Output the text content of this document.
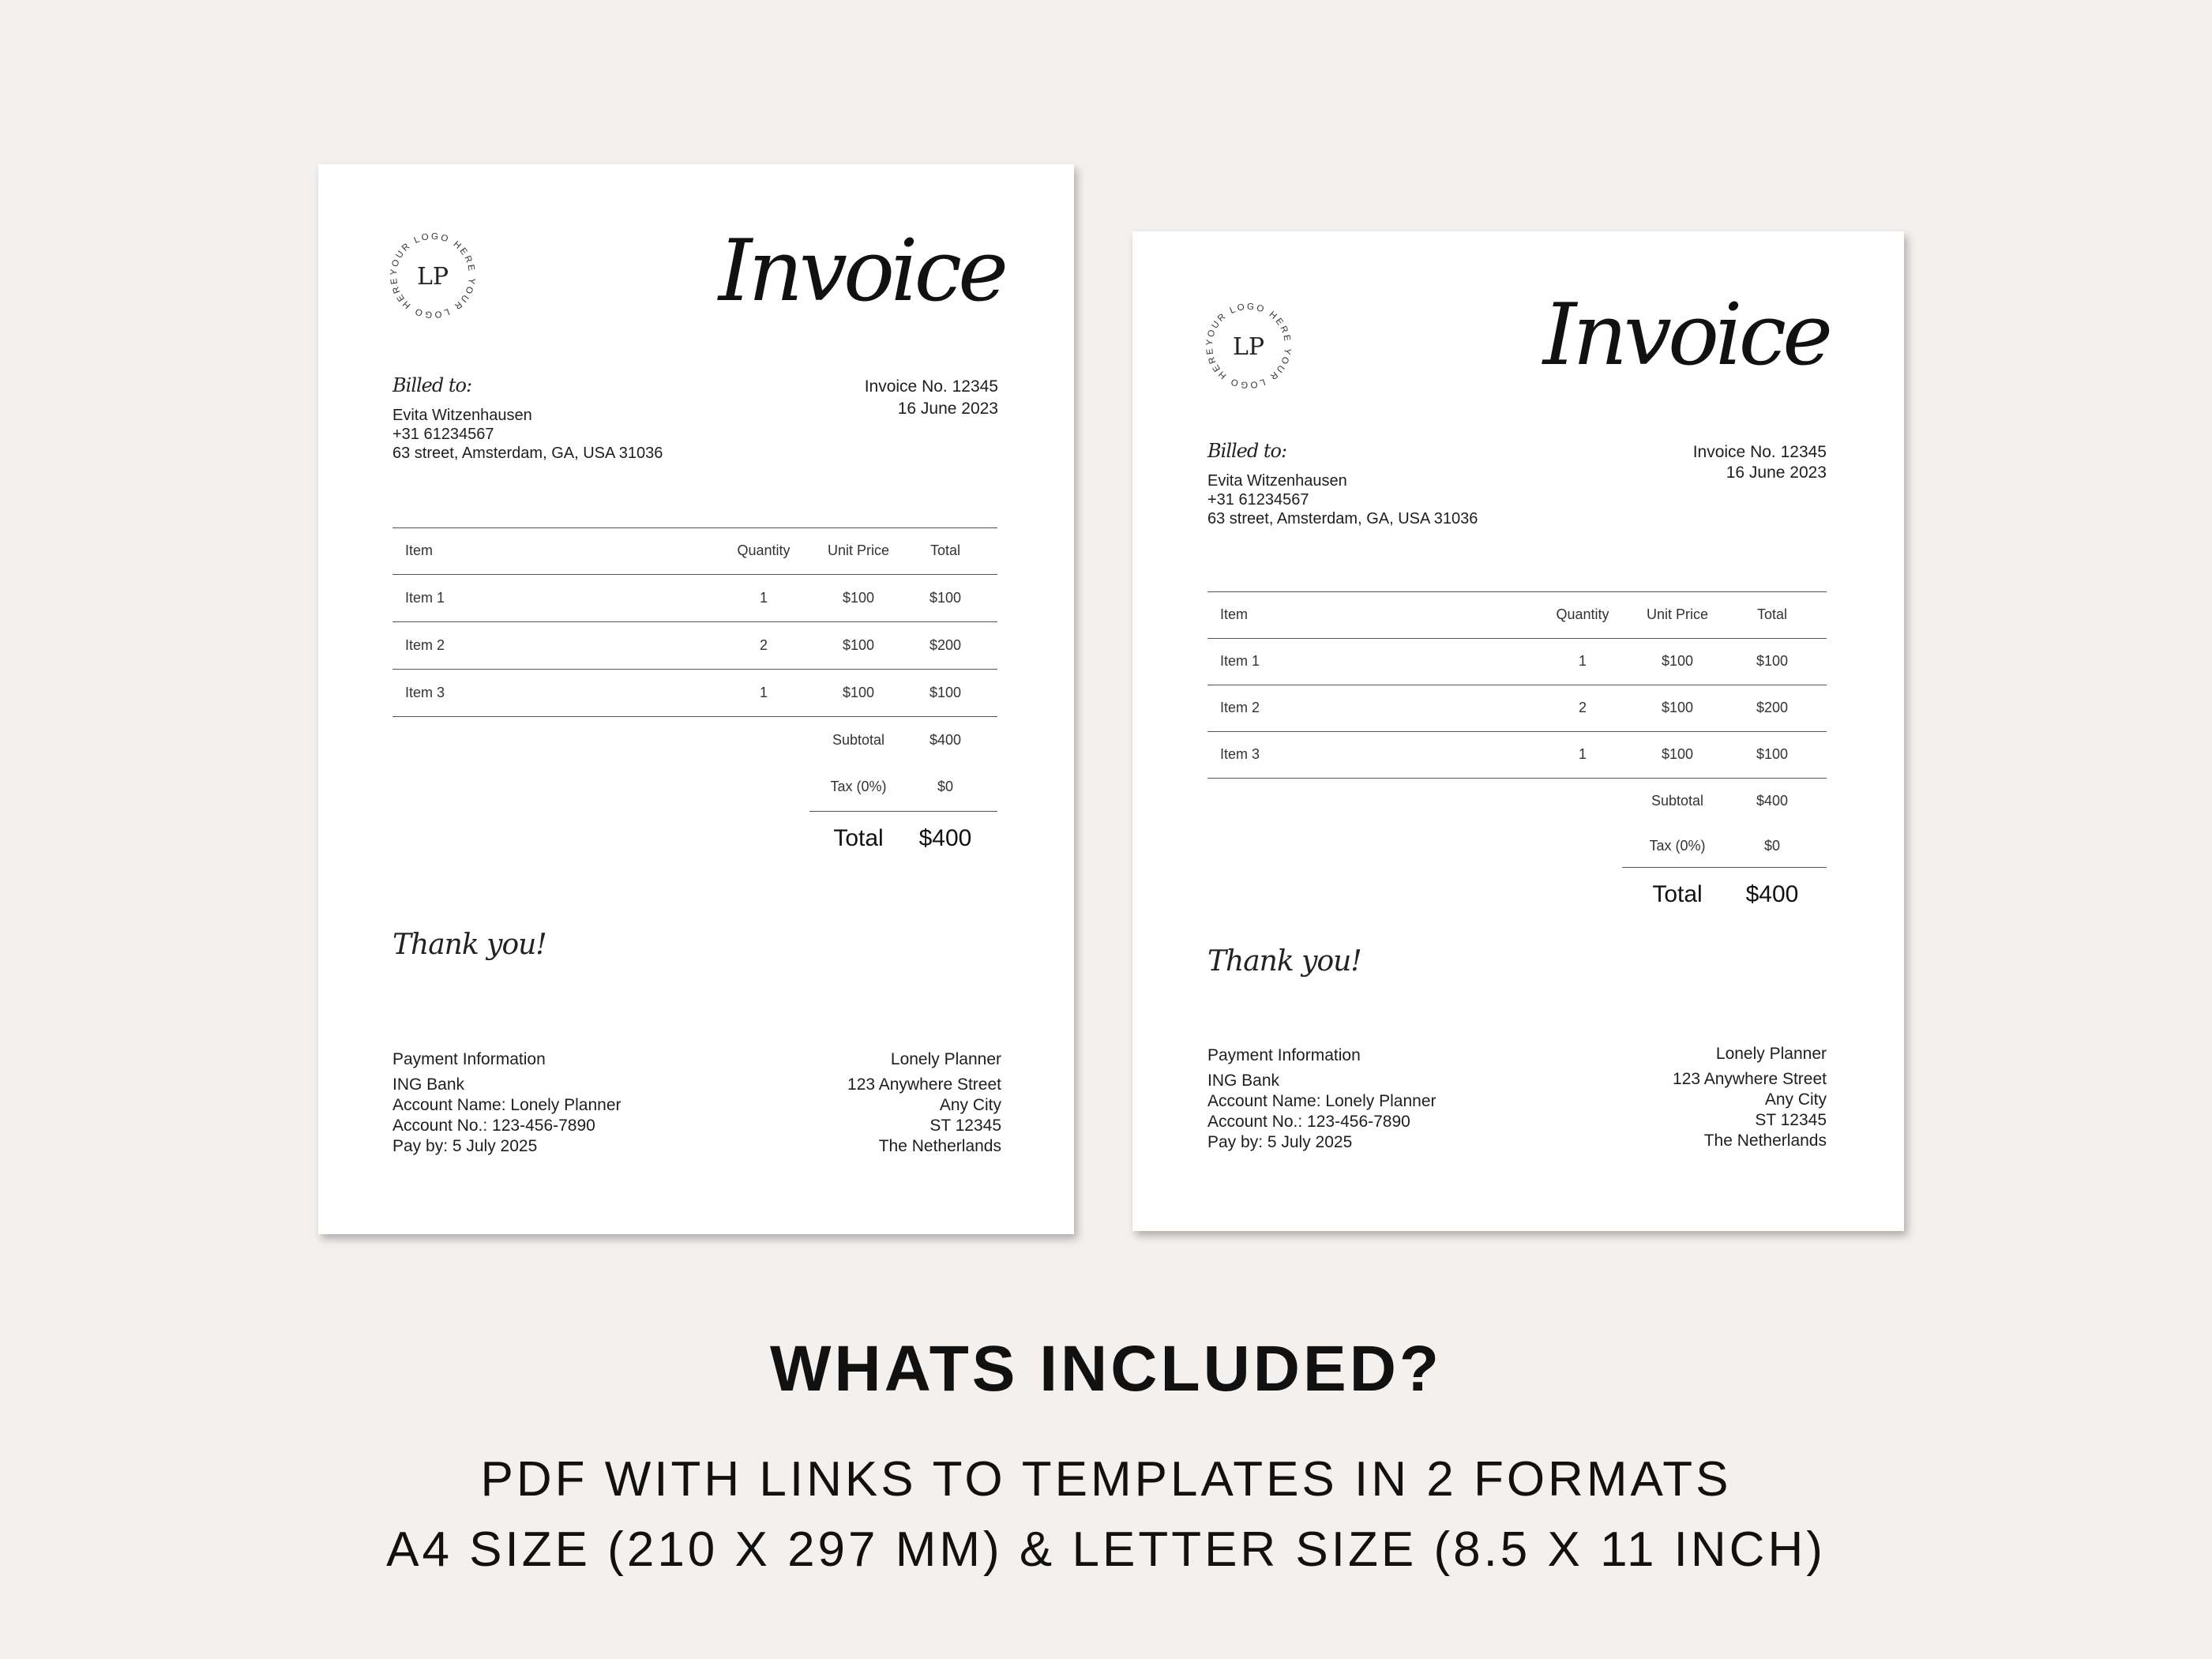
YOUR LOGO HERE YOUR LOGO HERE LP	Invoice
Billed to:
Evita Witzenhausen
+31 61234567
63 street, Amsterdam, GA, USA 31036
Invoice No. 12345
16 June 2023
Item	Quantity	Unit Price	Total
Item 1	1	$100	$100
Item 2	2	$100	$200
Item 3	1	$100	$100
Subtotal	$400
Tax (0%)	$0
Total	$400
Thank you!
Payment Information
ING Bank
Account Name: Lonely Planner
Account No.: 123-456-7890
Pay by: 5 July 2025
Lonely Planner
123 Anywhere Street
Any City
ST 12345
The Netherlands
YOUR LOGO HERE YOUR LOGO HERE LP	Invoice
Billed to:
Evita Witzenhausen
+31 61234567
63 street, Amsterdam, GA, USA 31036
Invoice No. 12345
16 June 2023
Item	Quantity	Unit Price	Total
Item 1	1	$100	$100
Item 2	2	$100	$200
Item 3	1	$100	$100
Subtotal	$400
Tax (0%)	$0
Total	$400
Thank you!
Payment Information
ING Bank
Account Name: Lonely Planner
Account No.: 123-456-7890
Pay by: 5 July 2025
Lonely Planner
123 Anywhere Street
Any City
ST 12345
The Netherlands
WHATS INCLUDED?
PDF WITH LINKS TO TEMPLATES IN 2 FORMATS
A4 SIZE (210 X 297 MM) & LETTER SIZE (8.5 X 11 INCH)
